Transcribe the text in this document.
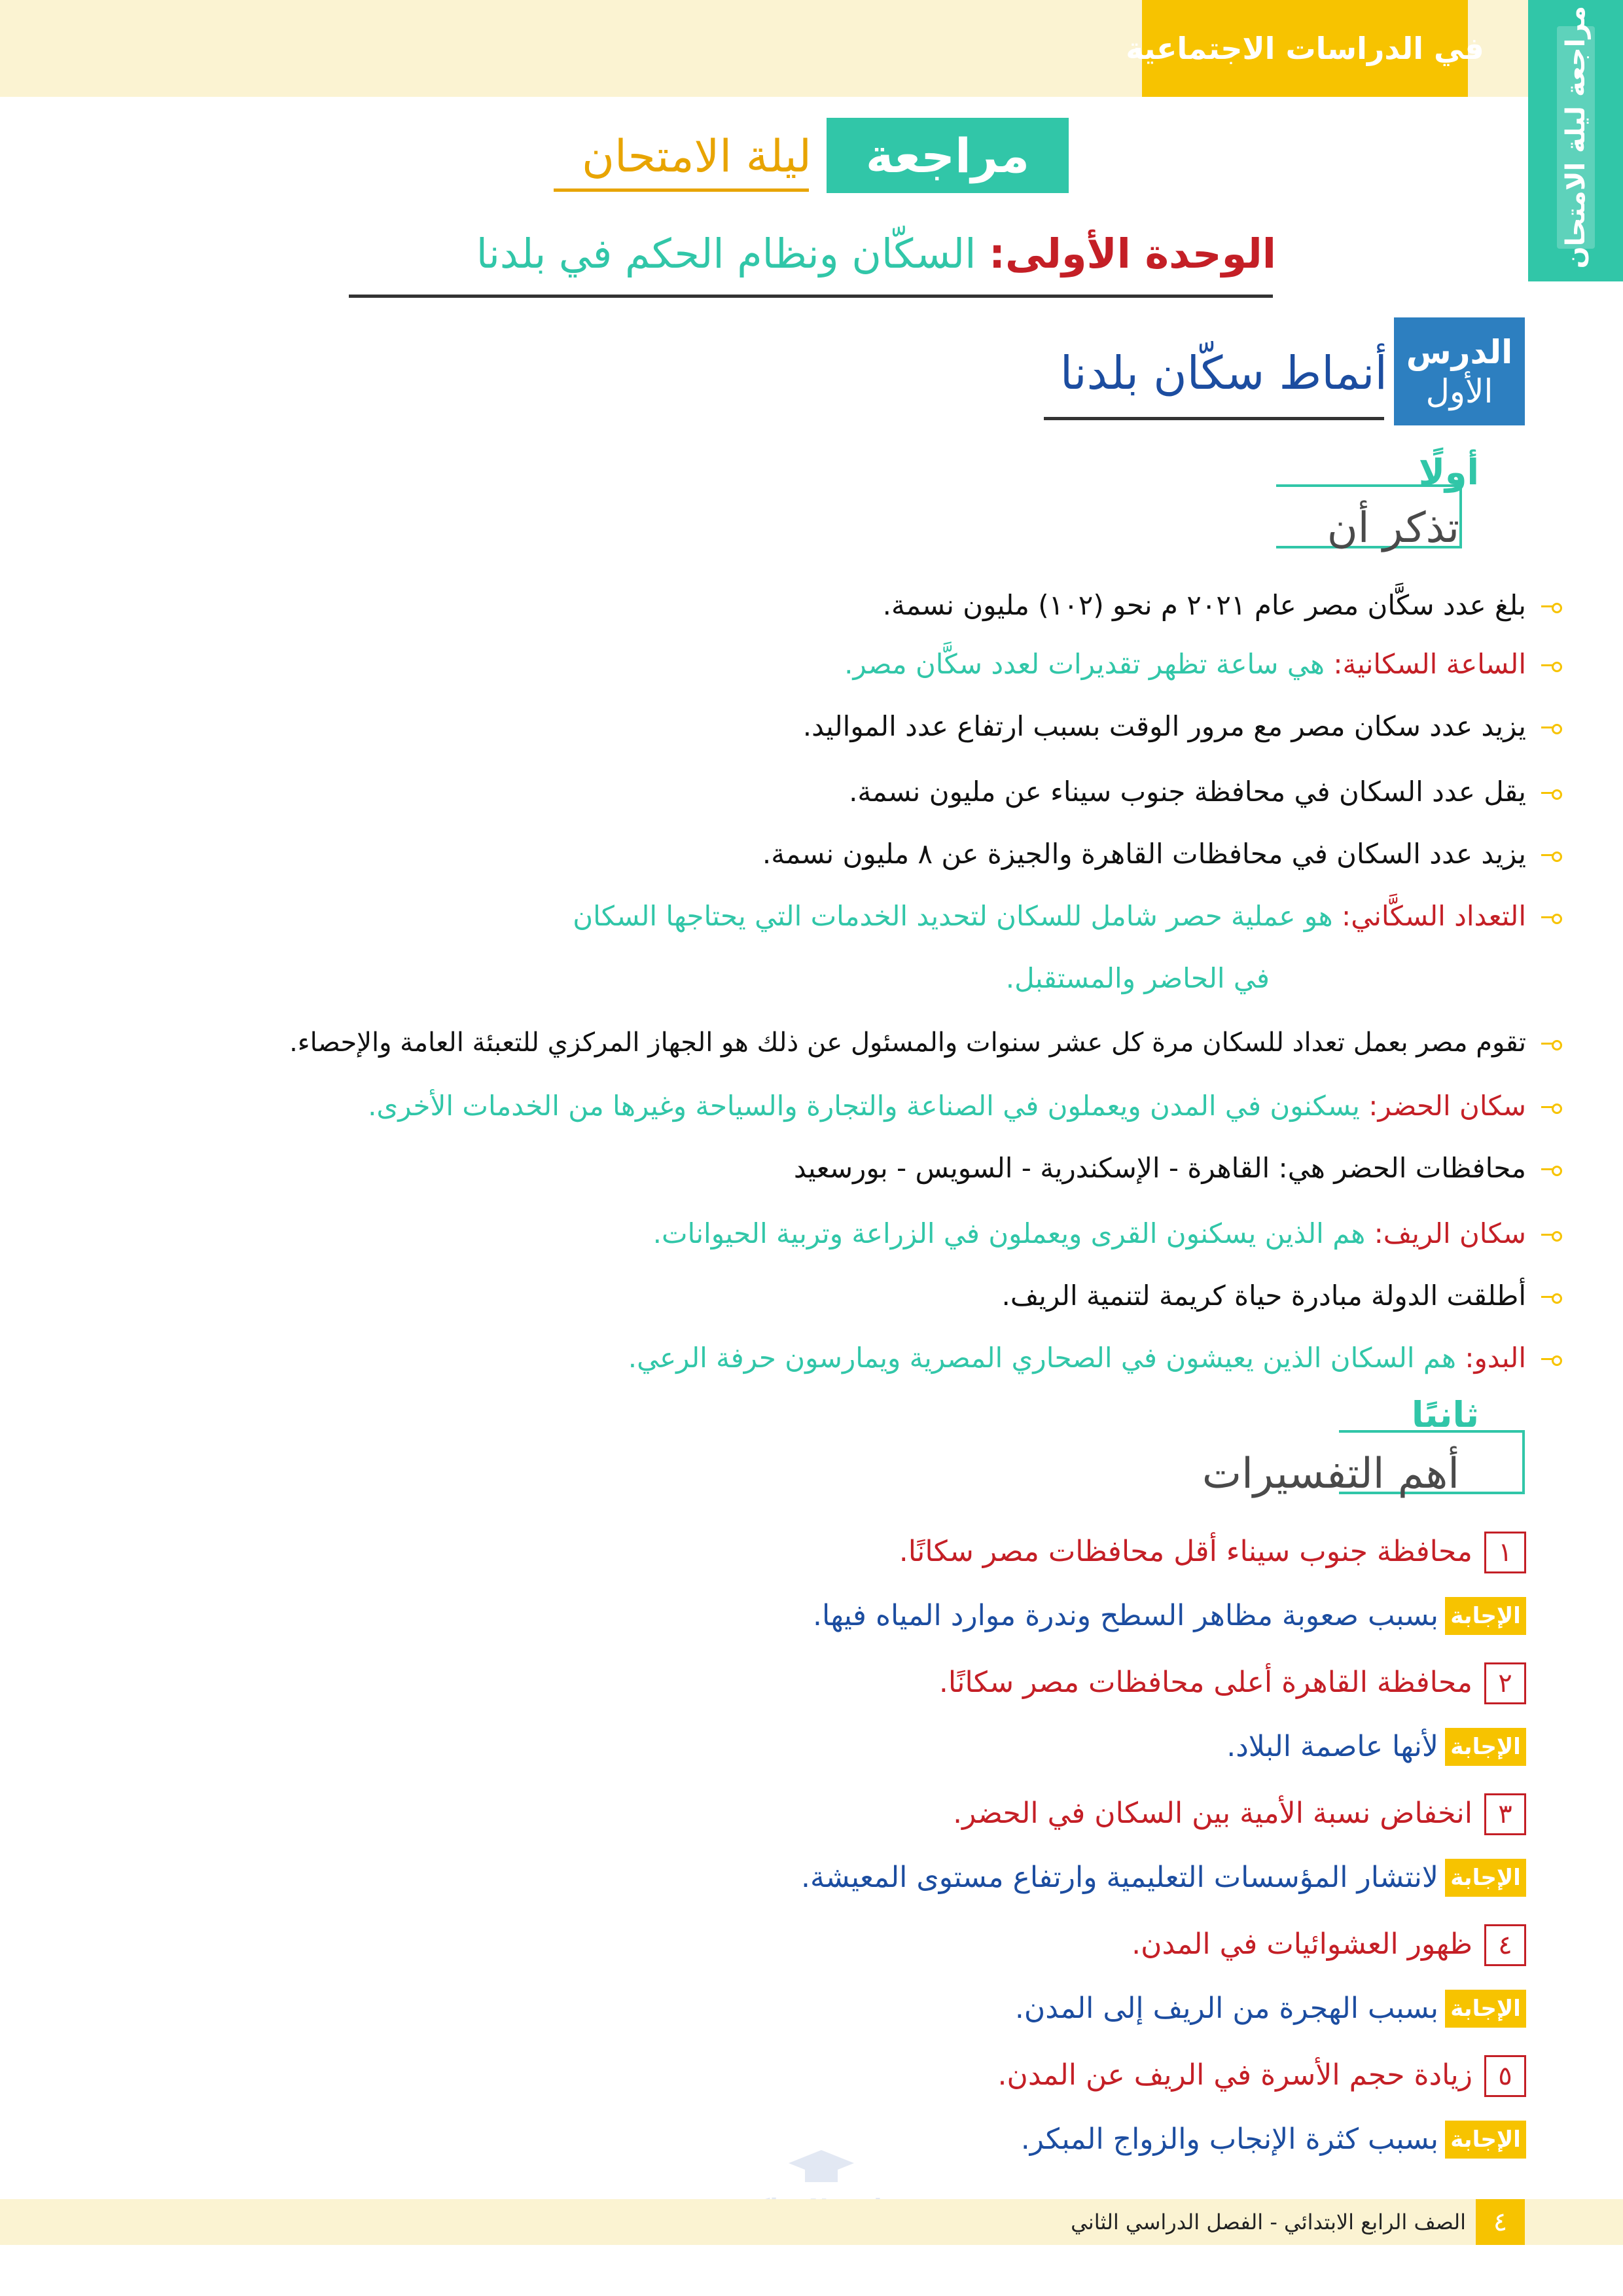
في الدراسات الاجتماعية	مراجعة ليلة الامتحان
مراجعة
ليلة الامتحان
الوحدة الأولى: السكّان ونظام الحكم في بلدنا
الدرس
الأول
أنماط سكّان بلدنا
أولًا
تذكر أن
بلغ عدد سكَّان مصر عام ٢٠٢١ م نحو (١٠٢) مليون نسمة.
الساعة السكانية: هي ساعة تظهر تقديرات لعدد سكَّان مصر.
يزيد عدد سكان مصر مع مرور الوقت بسبب ارتفاع عدد المواليد.
يقل عدد السكان في محافظة جنوب سيناء عن مليون نسمة.
يزيد عدد السكان في محافظات القاهرة والجيزة عن ٨ مليون نسمة.
التعداد السكَّاني: هو عملية حصر شامل للسكان لتحديد الخدمات التي يحتاجها السكان
في الحاضر والمستقبل.
تقوم مصر بعمل تعداد للسكان مرة كل عشر سنوات والمسئول عن ذلك هو الجهاز المركزي للتعبئة العامة والإحصاء.
سكان الحضر: يسكنون في المدن ويعملون في الصناعة والتجارة والسياحة وغيرها من الخدمات الأخرى.
محافظات الحضر هي: القاهرة - الإسكندرية - السويس - بورسعيد
سكان الريف: هم الذين يسكنون القرى ويعملون في الزراعة وتربية الحيوانات.
أطلقت الدولة مبادرة حياة كريمة لتنمية الريف.
البدو: هم السكان الذين يعيشون في الصحاري المصرية ويمارسون حرفة الرعي.
ثانيًا
أهم التفسيرات
١
محافظة جنوب سيناء أقل محافظات مصر سكانًا.
الإجابة
بسبب صعوبة مظاهر السطح وندرة موارد المياه فيها.
٢
محافظة القاهرة أعلى محافظات مصر سكانًا.
الإجابة
لأنها عاصمة البلاد.
٣
انخفاض نسبة الأمية بين السكان في الحضر.
الإجابة
لانتشار المؤسسات التعليمية وارتفاع مستوى المعيشة.
٤
ظهور العشوائيات في المدن.
الإجابة
بسبب الهجرة من الريف إلى المدن.
٥
زيادة حجم الأسرة في الريف عن المدن.
الإجابة
بسبب كثرة الإنجاب والزواج المبكر.
٤
الصف الرابع الابتدائي - الفصل الدراسي الثاني
